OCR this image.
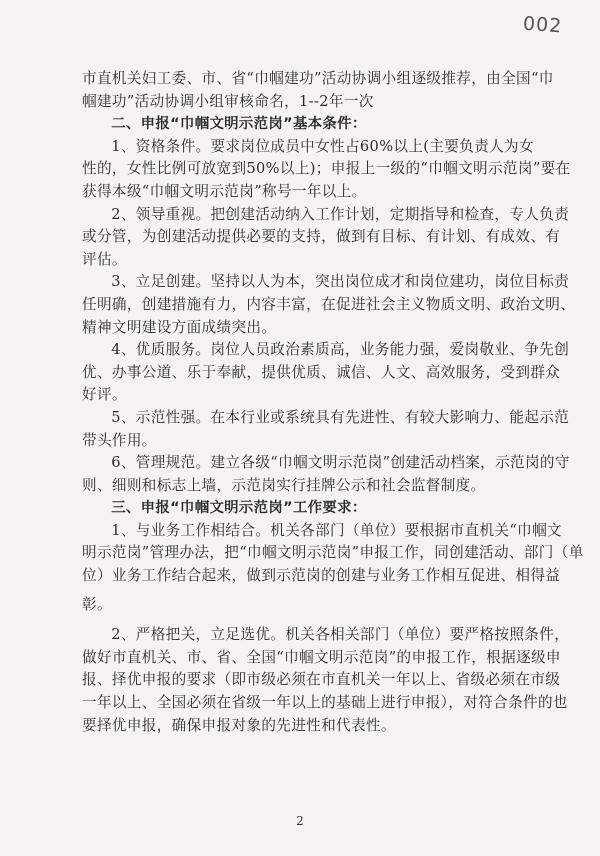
002
市直机关妇工委、市、省“巾帼建功”活动协调小组逐级推荐，由全国“巾
帼建功”活动协调小组审核命名，1--2年一次
二、申报“巾帼文明示范岗”基本条件：
1、资格条件。要求岗位成员中女性占60%以上(主要负责人为女
性的，女性比例可放宽到50%以上)；申报上一级的“巾帼文明示范岗”要在
获得本级“巾帼文明示范岗”称号一年以上。
2、领导重视。把创建活动纳入工作计划，定期指导和检查，专人负责
或分管，为创建活动提供必要的支持，做到有目标、有计划、有成效、有
评估。
3、立足创建。坚持以人为本，突出岗位成才和岗位建功，岗位目标责
任明确，创建措施有力，内容丰富，在促进社会主义物质文明、政治文明、
精神文明建设方面成绩突出。
4、优质服务。岗位人员政治素质高，业务能力强，爱岗敬业、争先创
优、办事公道、乐于奉献，提供优质、诚信、人文、高效服务，受到群众
好评。
5、示范性强。在本行业或系统具有先进性、有较大影响力、能起示范
带头作用。
6、管理规范。建立各级“巾帼文明示范岗”创建活动档案，示范岗的守
则、细则和标志上墙，示范岗实行挂牌公示和社会监督制度。
三、申报“巾帼文明示范岗”工作要求：
1、与业务工作相结合。机关各部门（单位）要根据市直机关“巾帼文
明示范岗”管理办法，把“巾帼文明示范岗”申报工作，同创建活动、部门（单
位）业务工作结合起来，做到示范岗的创建与业务工作相互促进、相得益
彰。
2、严格把关，立足选优。机关各相关部门（单位）要严格按照条件，
做好市直机关、市、省、全国“巾帼文明示范岗”的申报工作，根据逐级申
报、择优申报的要求（即市级必须在市直机关一年以上、省级必须在市级
一年以上、全国必须在省级一年以上的基础上进行申报），对符合条件的也
要择优申报，确保申报对象的先进性和代表性。
2
